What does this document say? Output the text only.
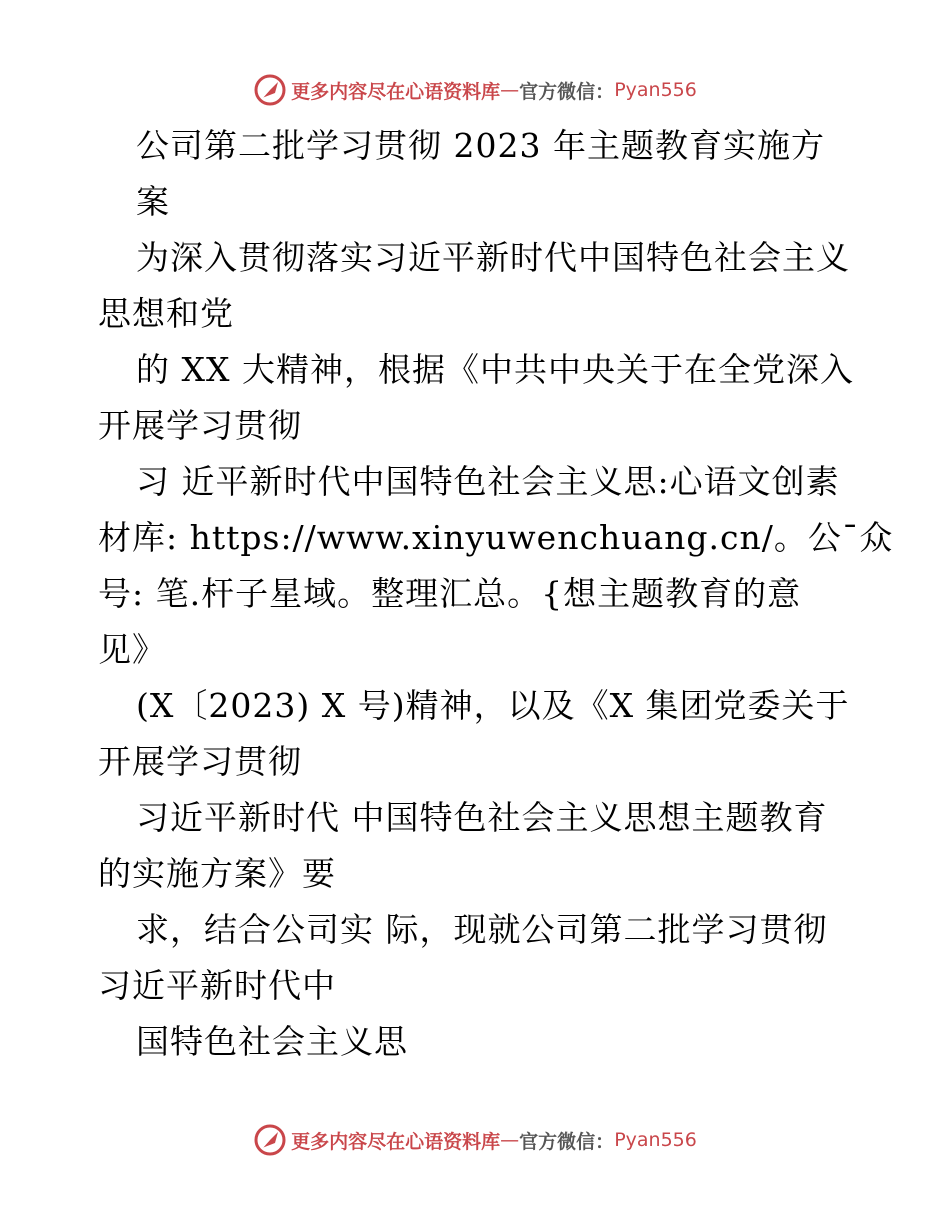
更多内容尽在心语资料库 — 官方微信： Pyan556
公司第二批学习贯彻 2023 年主题教育实施方
案
为深入贯彻落实习近平新时代中国特色社会主义
思想和党
的 XX 大精神，根据《中共中央关于在全党深入
开展学习贯彻
习 近平新时代中国特色社会主义思:心语文创素
材库: https://www.xinyuwenchuang.cn/。公¯众
号: 笔.杆子星域。整理汇总。{想主题教育的意
见》
(X〔2023) X 号)精神，以及《X 集团党委关于
开展学习贯彻
习近平新时代 中国特色社会主义思想主题教育
的实施方案》要
求，结合公司实 际，现就公司第二批学习贯彻
习近平新时代中
国特色社会主义思
更多内容尽在心语资料库 — 官方微信： Pyan556
